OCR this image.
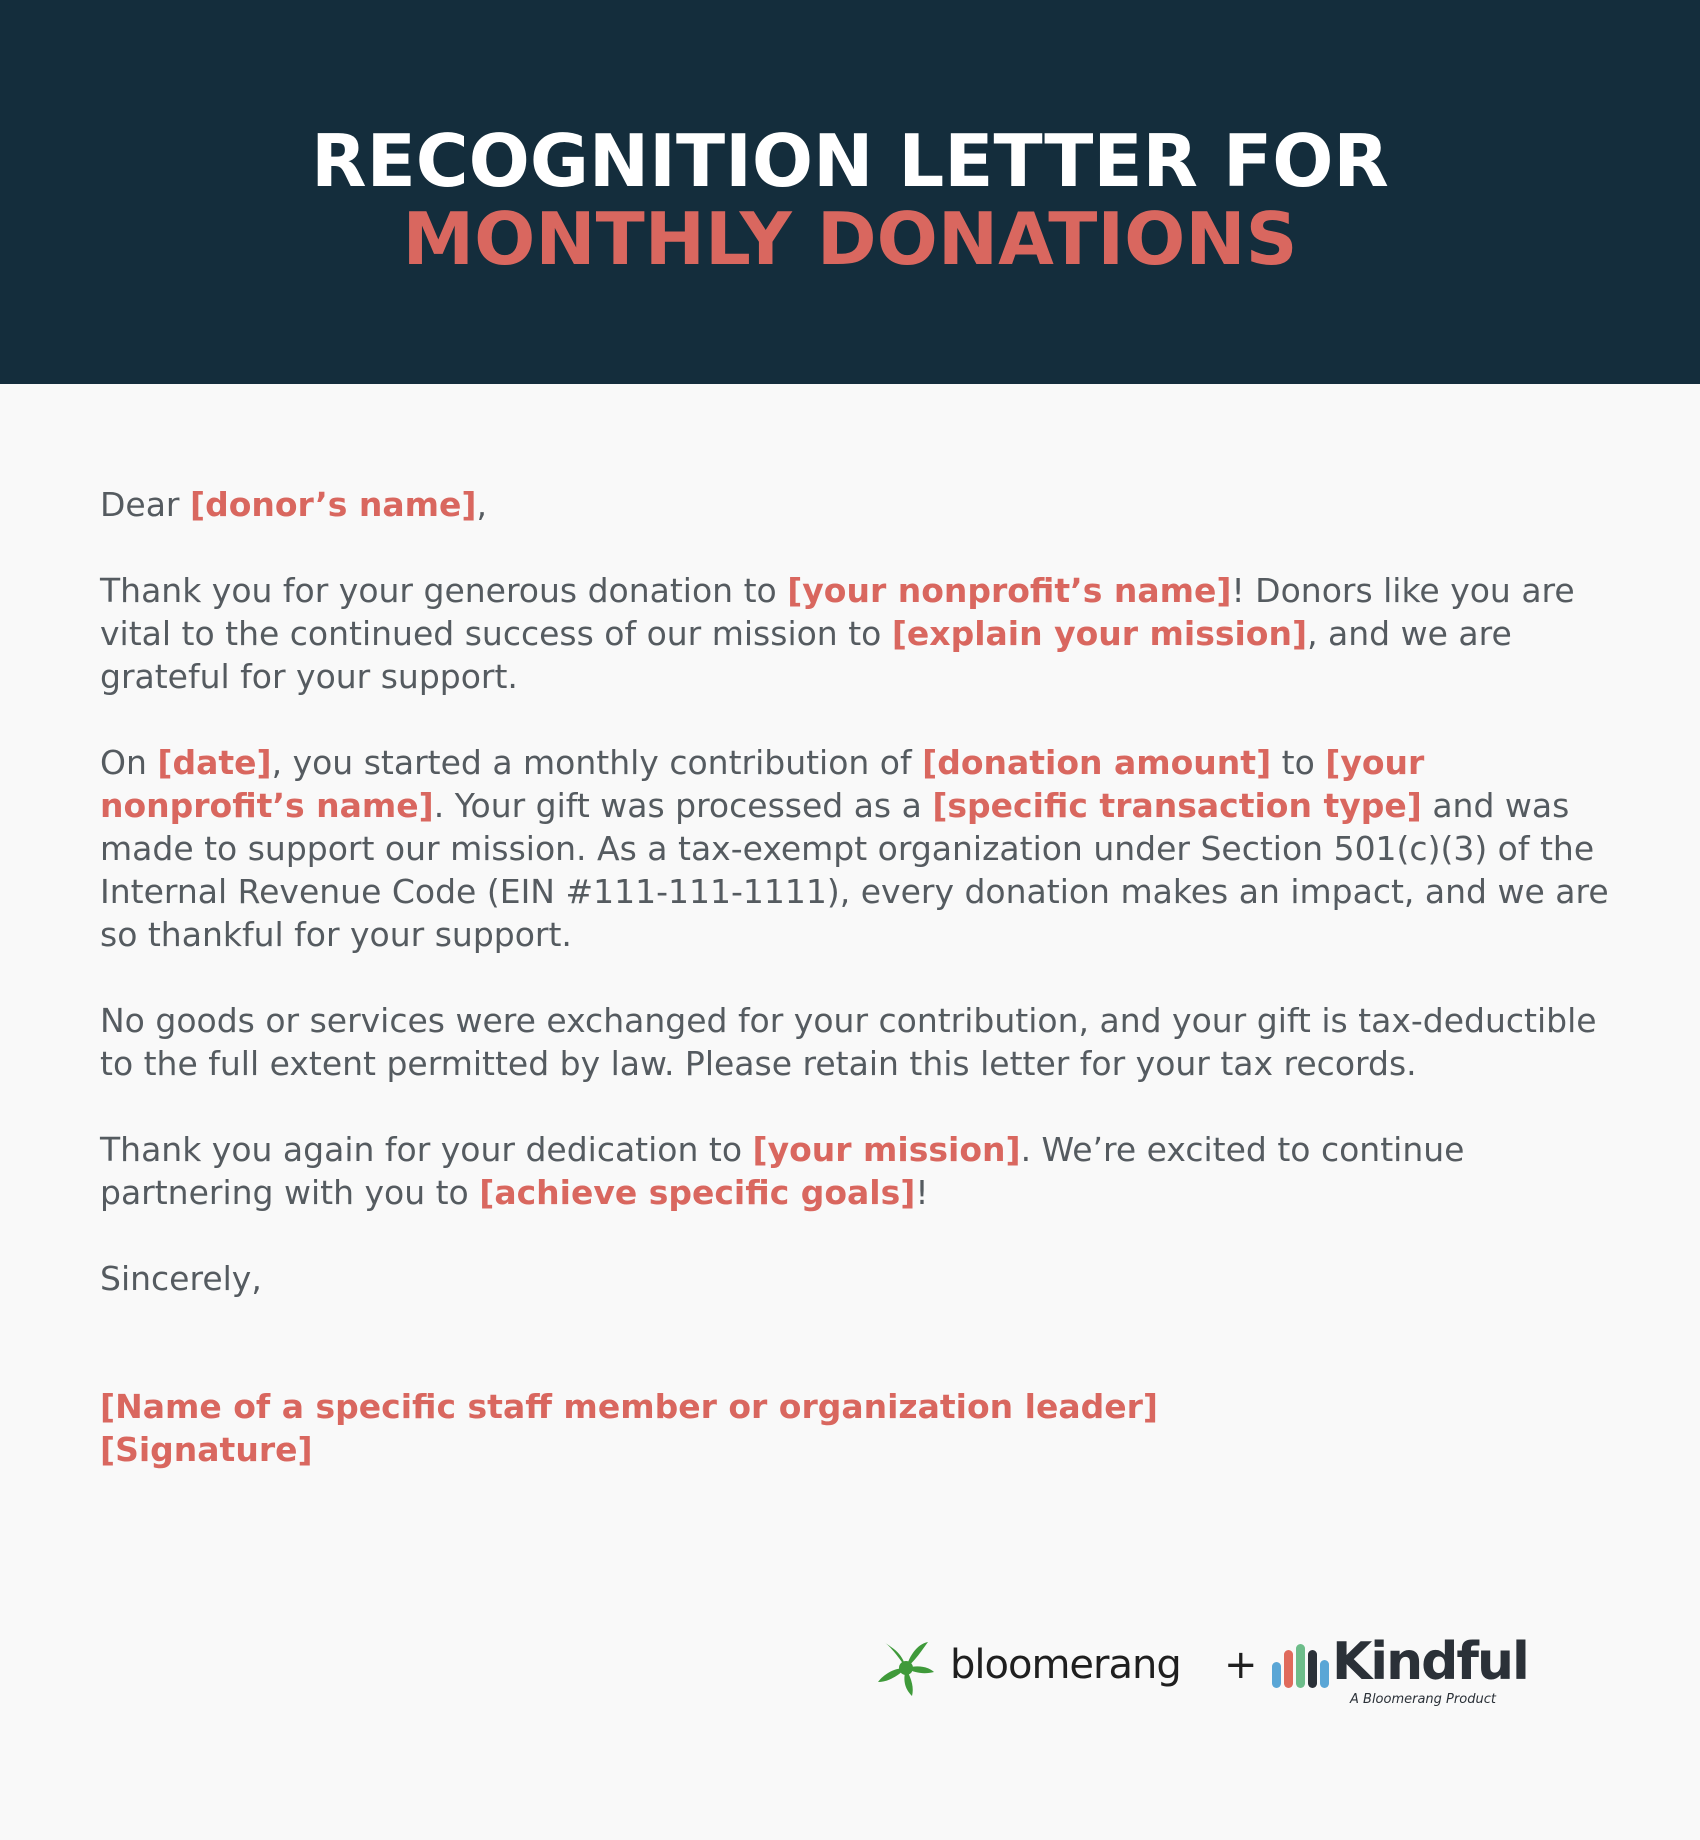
RECOGNITION LETTER FOR
MONTHLY DONATIONS

Dear [donor’s name],

Thank you for your generous donation to [your nonprofit’s name]! Donors like you are vital to the continued success of our mission to [explain your mission], and we are grateful for your support.

On [date], you started a monthly contribution of [donation amount] to [your nonprofit’s name]. Your gift was processed as a [specific transaction type] and was made to support our mission. As a tax-exempt organization under Section 501(c)(3) of the Internal Revenue Code (EIN #111-111-1111), every donation makes an impact, and we are so thankful for your support.

No goods or services were exchanged for your contribution, and your gift is tax-deductible to the full extent permitted by law. Please retain this letter for your tax records.

Thank you again for your dedication to [your mission]. We’re excited to continue partnering with you to [achieve specific goals]!

Sincerely,

[Name of a specific staff member or organization leader]
[Signature]
bloomerang + Kindful
A Bloomerang Product
